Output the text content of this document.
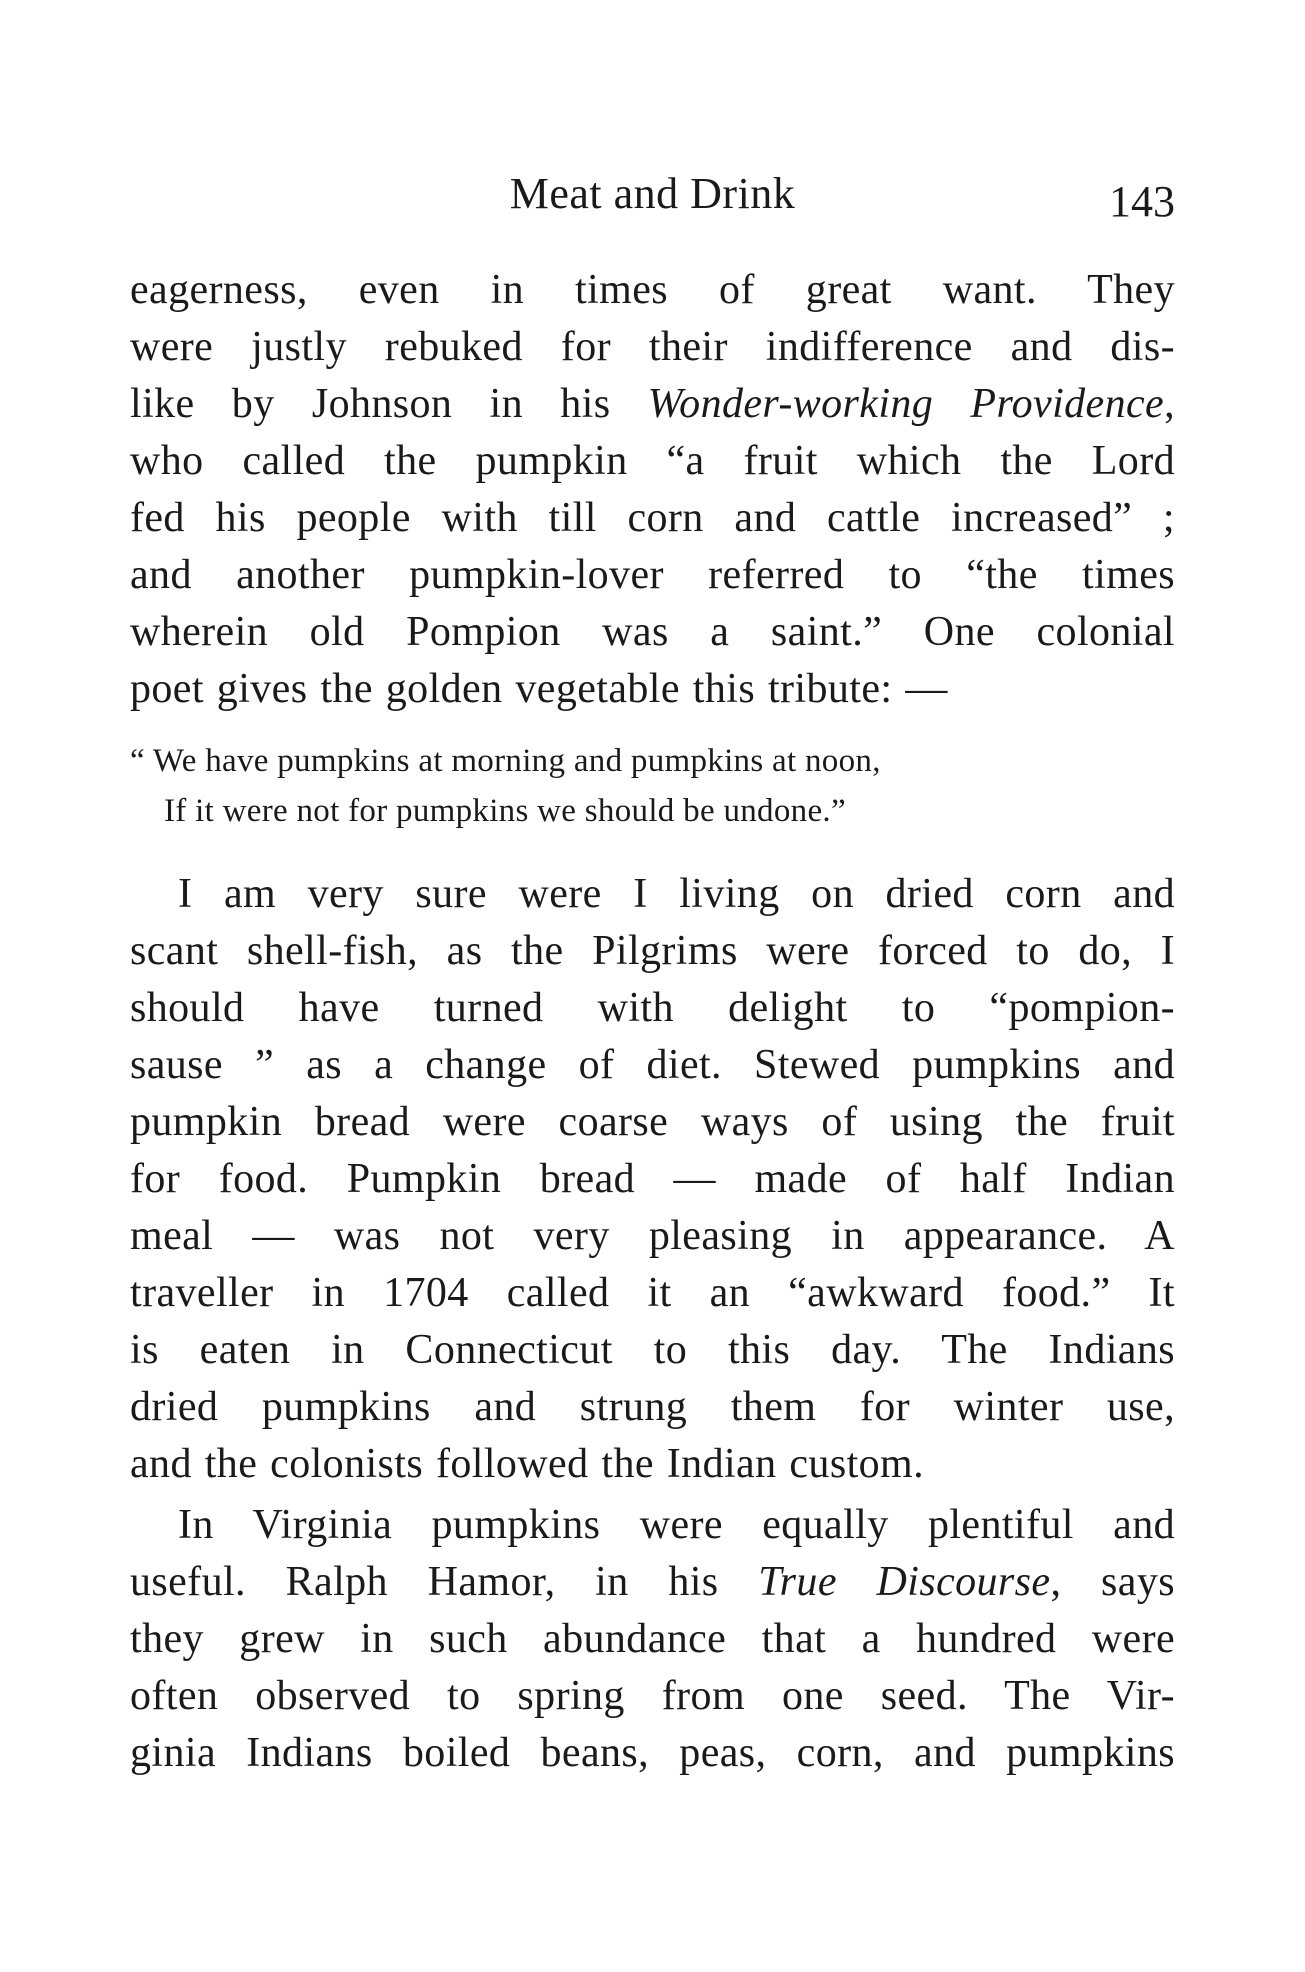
Meat and Drink	143
eagerness, even in times of great want. They
were justly rebuked for their indifference and dis-
like by Johnson in his Wonder-working Providence,
who called the pumpkin “a fruit which the Lord
fed his people with till corn and cattle increased” ;
and another pumpkin-lover referred to “the times
wherein old Pompion was a saint.” One colonial
poet gives the golden vegetable this tribute: —
“ We have pumpkins at morning and pumpkins at noon,
If it were not for pumpkins we should be undone.”
I am very sure were I living on dried corn and
scant shell-fish, as the Pilgrims were forced to do, I
should have turned with delight to “pompion-
sause ” as a change of diet. Stewed pumpkins and
pumpkin bread were coarse ways of using the fruit
for food. Pumpkin bread — made of half Indian
meal — was not very pleasing in appearance. A
traveller in 1704 called it an “awkward food.” It
is eaten in Connecticut to this day. The Indians
dried pumpkins and strung them for winter use,
and the colonists followed the Indian custom.
In Virginia pumpkins were equally plentiful and
useful. Ralph Hamor, in his True Discourse, says
they grew in such abundance that a hundred were
often observed to spring from one seed. The Vir-
ginia Indians boiled beans, peas, corn, and pumpkins
